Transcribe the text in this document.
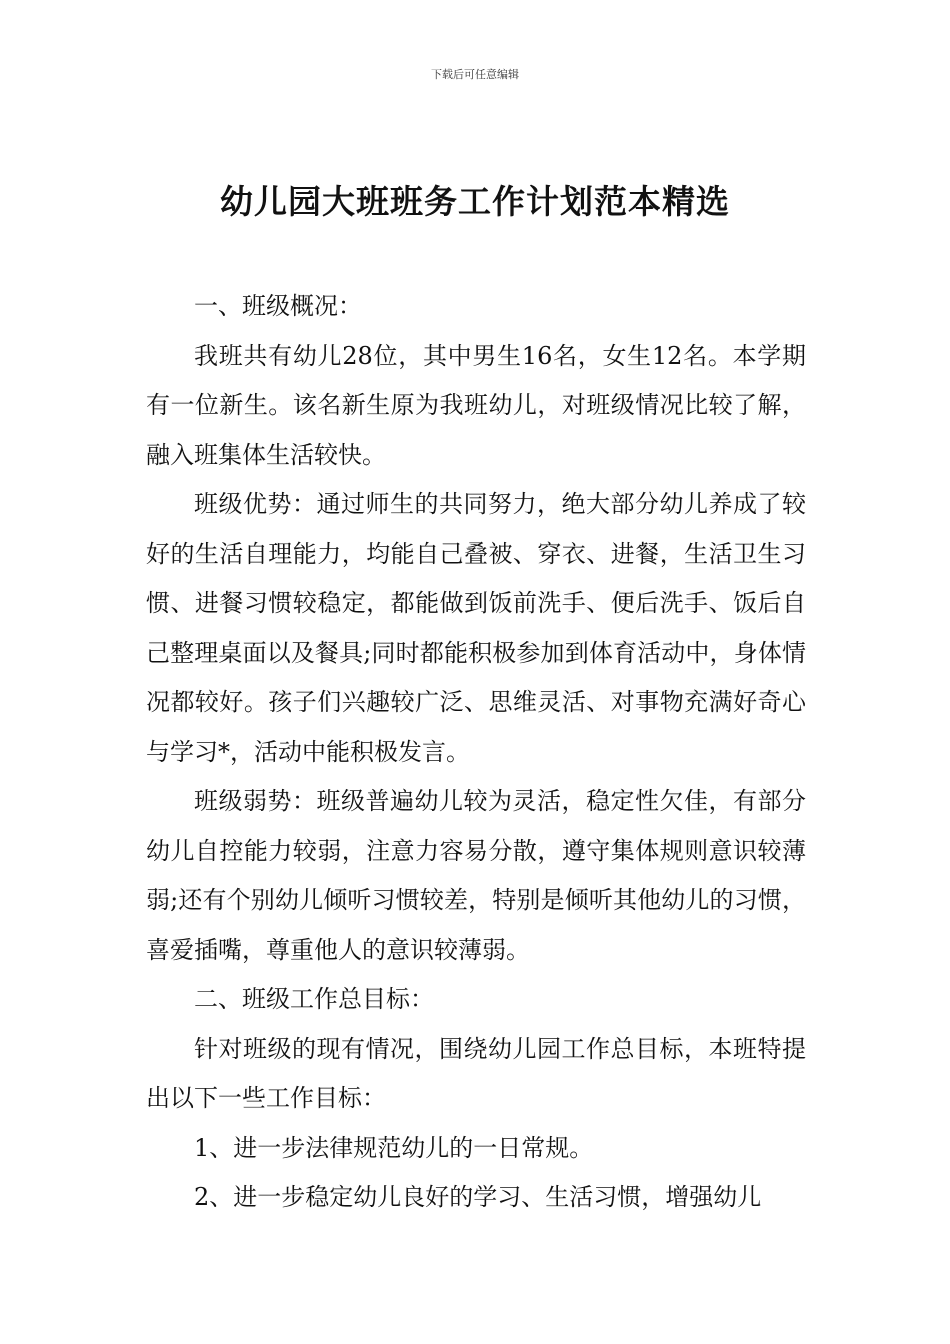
下载后可任意编辑
幼儿园大班班务工作计划范本精选

一、班级概况：

我班共有幼儿28位，其中男生16名，女生12名。本学期有一位新生。该名新生原为我班幼儿，对班级情况比较了解，融入班集体生活较快。

班级优势：通过师生的共同努力，绝大部分幼儿养成了较好的生活自理能力，均能自己叠被、穿衣、进餐，生活卫生习惯、进餐习惯较稳定，都能做到饭前洗手、便后洗手、饭后自己整理桌面以及餐具;同时都能积极参加到体育活动中，身体情况都较好。孩子们兴趣较广泛、思维灵活、对事物充满好奇心与学习*，活动中能积极发言。

班级弱势：班级普遍幼儿较为灵活，稳定性欠佳，有部分幼儿自控能力较弱，注意力容易分散，遵守集体规则意识较薄弱;还有个别幼儿倾听习惯较差，特别是倾听其他幼儿的习惯，喜爱插嘴，尊重他人的意识较薄弱。

二、班级工作总目标：

针对班级的现有情况，围绕幼儿园工作总目标，本班特提出以下一些工作目标：

1、进一步法律规范幼儿的一日常规。

2、进一步稳定幼儿良好的学习、生活习惯，增强幼儿
